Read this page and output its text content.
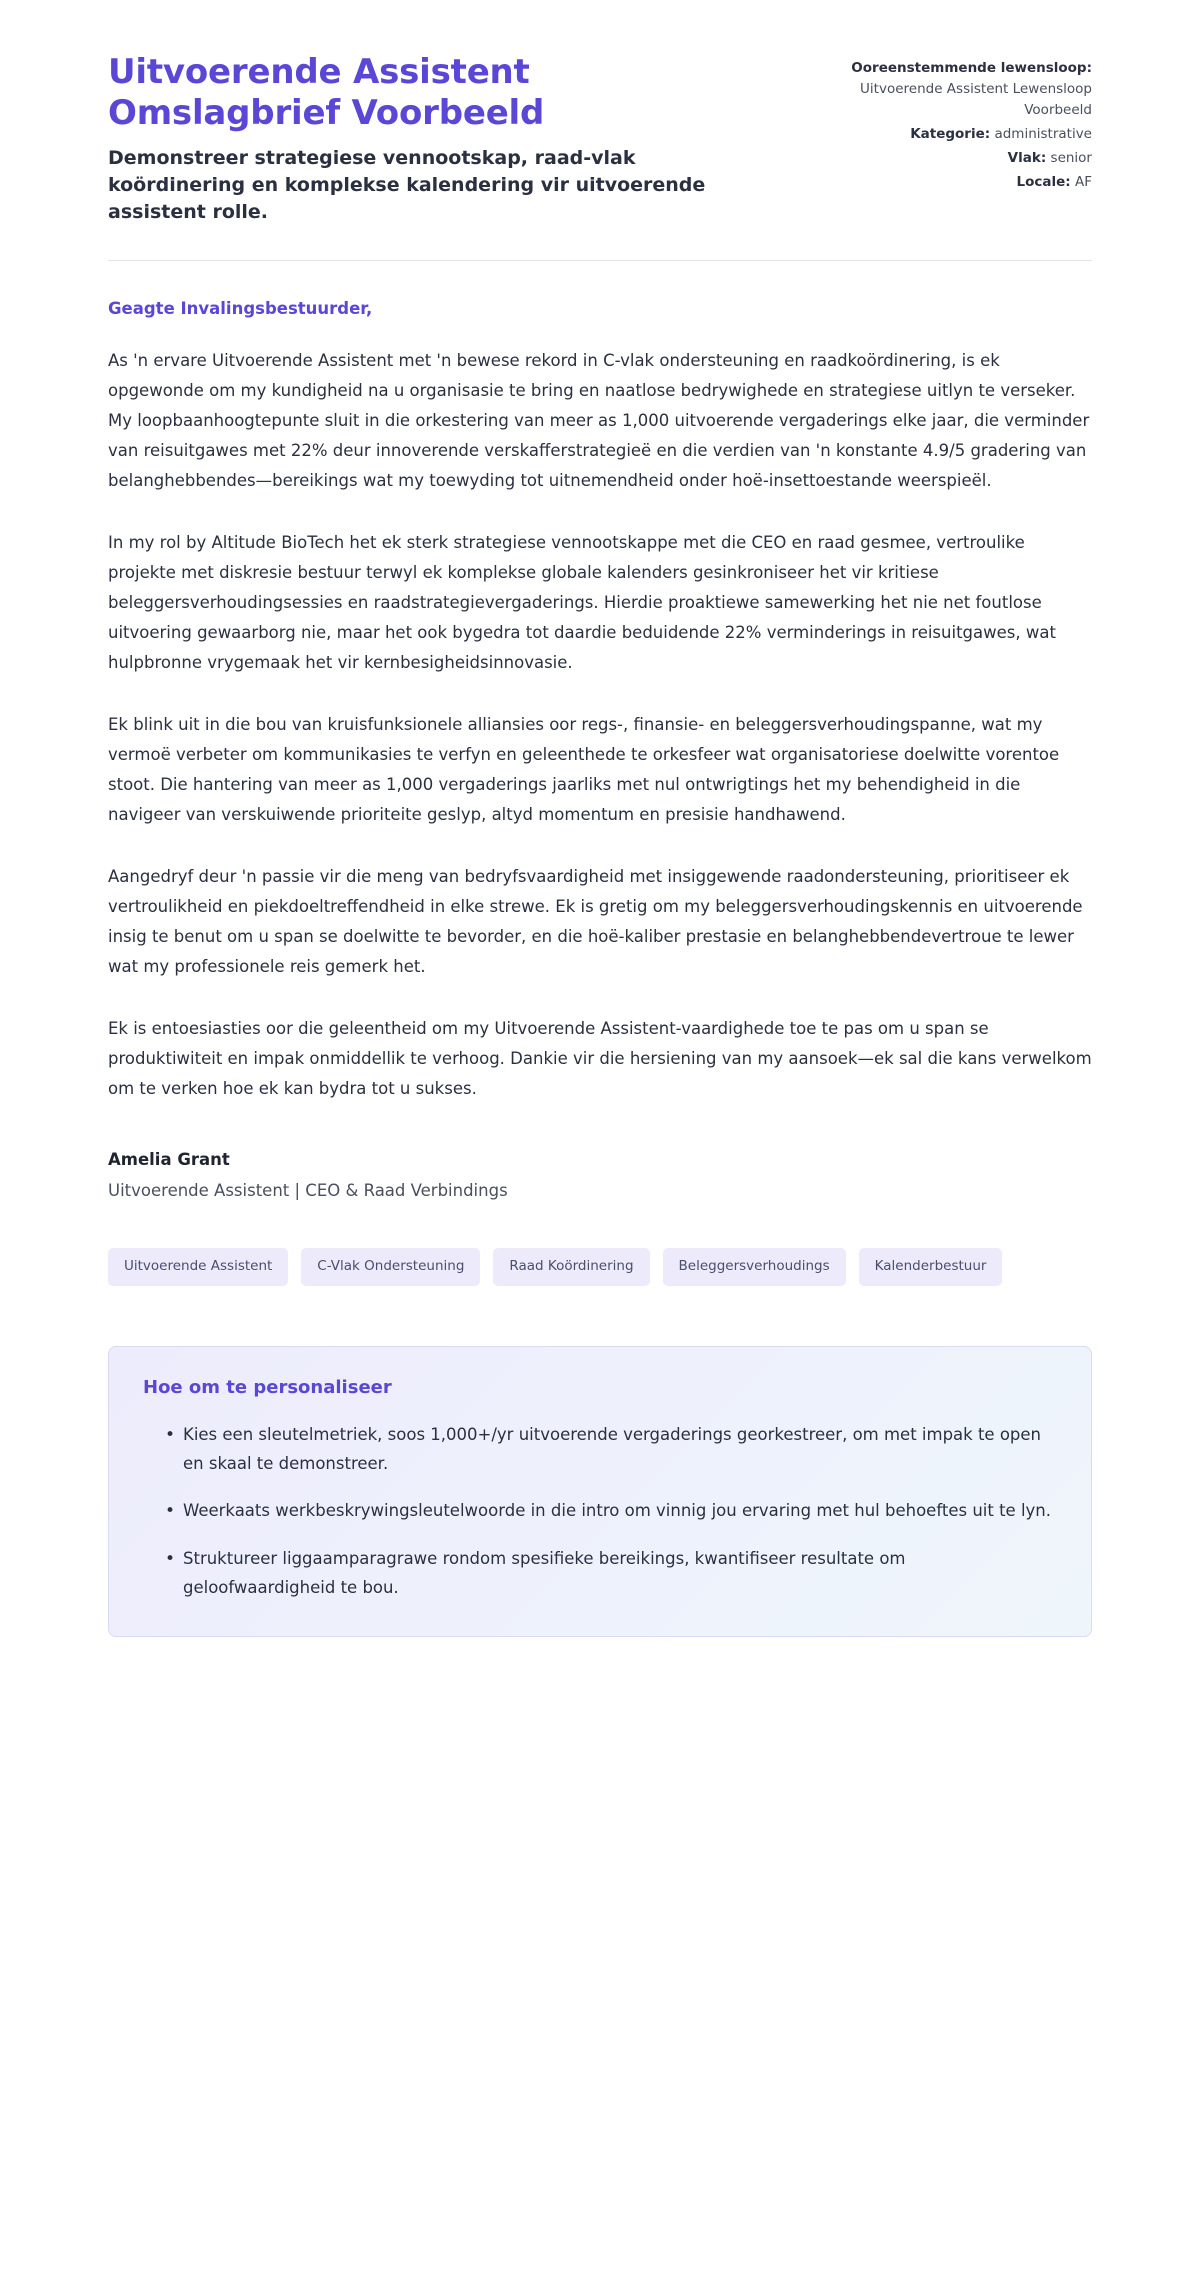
Uitvoerende Assistent Omslagbrief Voorbeeld

Demonstreer strategiese vennootskap, raad-vlak koördinering en komplekse kalendering vir uitvoerende assistent rolle.

Ooreenstemmende lewensloop: Uitvoerende Assistent Lewensloop Voorbeeld
Kategorie: administrative
Vlak: senior
Locale: AF

Geagte Invalingsbestuurder,

As 'n ervare Uitvoerende Assistent met 'n bewese rekord in C-vlak ondersteuning en raadkoördinering, is ek opgewonde om my kundigheid na u organisasie te bring en naatlose bedrywighede en strategiese uitlyn te verseker. My loopbaanhoogtepunte sluit in die orkestering van meer as 1,000 uitvoerende vergaderings elke jaar, die verminder van reisuitgawes met 22% deur innoverende verskafferstrategieë en die verdien van 'n konstante 4.9/5 gradering van belanghebbendes—bereikings wat my toewyding tot uitnemendheid onder hoë-insettoestande weerspieël.

In my rol by Altitude BioTech het ek sterk strategiese vennootskappe met die CEO en raad gesmee, vertroulike projekte met diskresie bestuur terwyl ek komplekse globale kalenders gesinkroniseer het vir kritiese beleggersverhoudingsessies en raadstrategievergaderings. Hierdie proaktiewe samewerking het nie net foutlose uitvoering gewaarborg nie, maar het ook bygedra tot daardie beduidende 22% verminderings in reisuitgawes, wat hulpbronne vrygemaak het vir kernbesigheidsinnovasie.

Ek blink uit in die bou van kruisfunksionele alliansies oor regs-, finansie- en beleggersverhoudingspanne, wat my vermoë verbeter om kommunikasies te verfyn en geleenthede te orkesfeer wat organisatoriese doelwitte vorentoe stoot. Die hantering van meer as 1,000 vergaderings jaarliks met nul ontwrigtings het my behendigheid in die navigeer van verskuiwende prioriteite geslyp, altyd momentum en presisie handhawend.

Aangedryf deur 'n passie vir die meng van bedryfsvaardigheid met insiggewende raadondersteuning, prioritiseer ek vertroulikheid en piekdoeltreffendheid in elke strewe. Ek is gretig om my beleggersverhoudingskennis en uitvoerende insig te benut om u span se doelwitte te bevorder, en die hoë-kaliber prestasie en belanghebbendevertroue te lewer wat my professionele reis gemerk het.

Ek is entoesiasties oor die geleentheid om my Uitvoerende Assistent-vaardighede toe te pas om u span se produktiwiteit en impak onmiddellik te verhoog. Dankie vir die hersiening van my aansoek—ek sal die kans verwelkom om te verken hoe ek kan bydra tot u sukses.

Amelia Grant

Uitvoerende Assistent | CEO & Raad Verbindings

Uitvoerende Assistent	C-Vlak Ondersteuning	Raad Koördinering	Beleggersverhoudings	Kalenderbestuur
Hoe om te personaliseer
• Kies een sleutelmetriek, soos 1,000+/yr uitvoerende vergaderings georkestreer, om met impak te open en skaal te demonstreer.
• Weerkaats werkbeskrywingsleutelwoorde in die intro om vinnig jou ervaring met hul behoeftes uit te lyn.
• Struktureer liggaamparagrawe rondom spesifieke bereikings, kwantifiseer resultate om geloofwaardigheid te bou.
